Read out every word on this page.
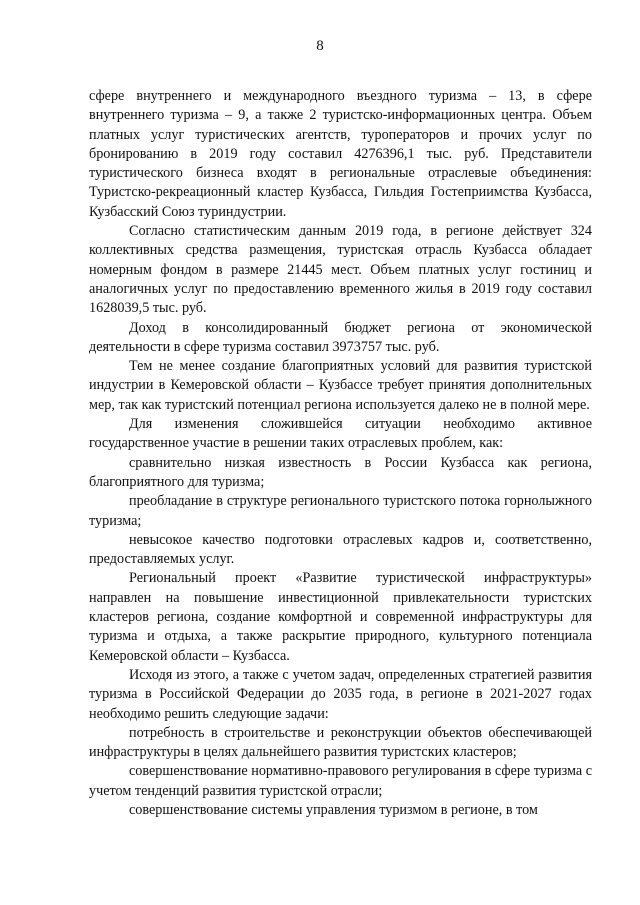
8

сфере внутреннего и международного въездного туризма – 13, в сфере внутреннего туризма – 9, а также 2 туристско-информационных центра. Объем платных услуг туристических агентств, туроператоров и прочих услуг по бронированию в 2019 году составил 4276396,1 тыс. руб. Представители туристического бизнеса входят в региональные отраслевые объединения: Туристско-рекреационный кластер Кузбасса, Гильдия Гостеприимства Кузбасса, Кузбасский Союз туриндустрии.

Согласно статистическим данным 2019 года, в регионе действует 324 коллективных средства размещения, туристская отрасль Кузбасса обладает номерным фондом в размере 21445 мест. Объем платных услуг гостиниц и аналогичных услуг по предоставлению временного жилья в 2019 году составил 1628039,5 тыс. руб.

Доход в консолидированный бюджет региона от экономической деятельности в сфере туризма составил 3973757 тыс. руб.

Тем не менее создание благоприятных условий для развития туристской индустрии в Кемеровской области – Кузбассе требует принятия дополнительных мер, так как туристский потенциал региона используется далеко не в полной мере.

Для изменения сложившейся ситуации необходимо активное государственное участие в решении таких отраслевых проблем, как:

сравнительно низкая известность в России Кузбасса как региона, благоприятного для туризма;

преобладание в структуре регионального туристского потока горнолыжного туризма;

невысокое качество подготовки отраслевых кадров и, соответственно, предоставляемых услуг.

Региональный проект «Развитие туристической инфраструктуры» направлен на повышение инвестиционной привлекательности туристских кластеров региона, создание комфортной и современной инфраструктуры для туризма и отдыха, а также раскрытие природного, культурного потенциала Кемеровской области – Кузбасса.

Исходя из этого, а также с учетом задач, определенных стратегией развития туризма в Российской Федерации до 2035 года, в регионе в 2021-2027 годах необходимо решить следующие задачи:

потребность в строительстве и реконструкции объектов обеспечивающей инфраструктуры в целях дальнейшего развития туристских кластеров;

совершенствование нормативно-правового регулирования в сфере туризма с учетом тенденций развития туристской отрасли;

совершенствование системы управления туризмом в регионе, в том
